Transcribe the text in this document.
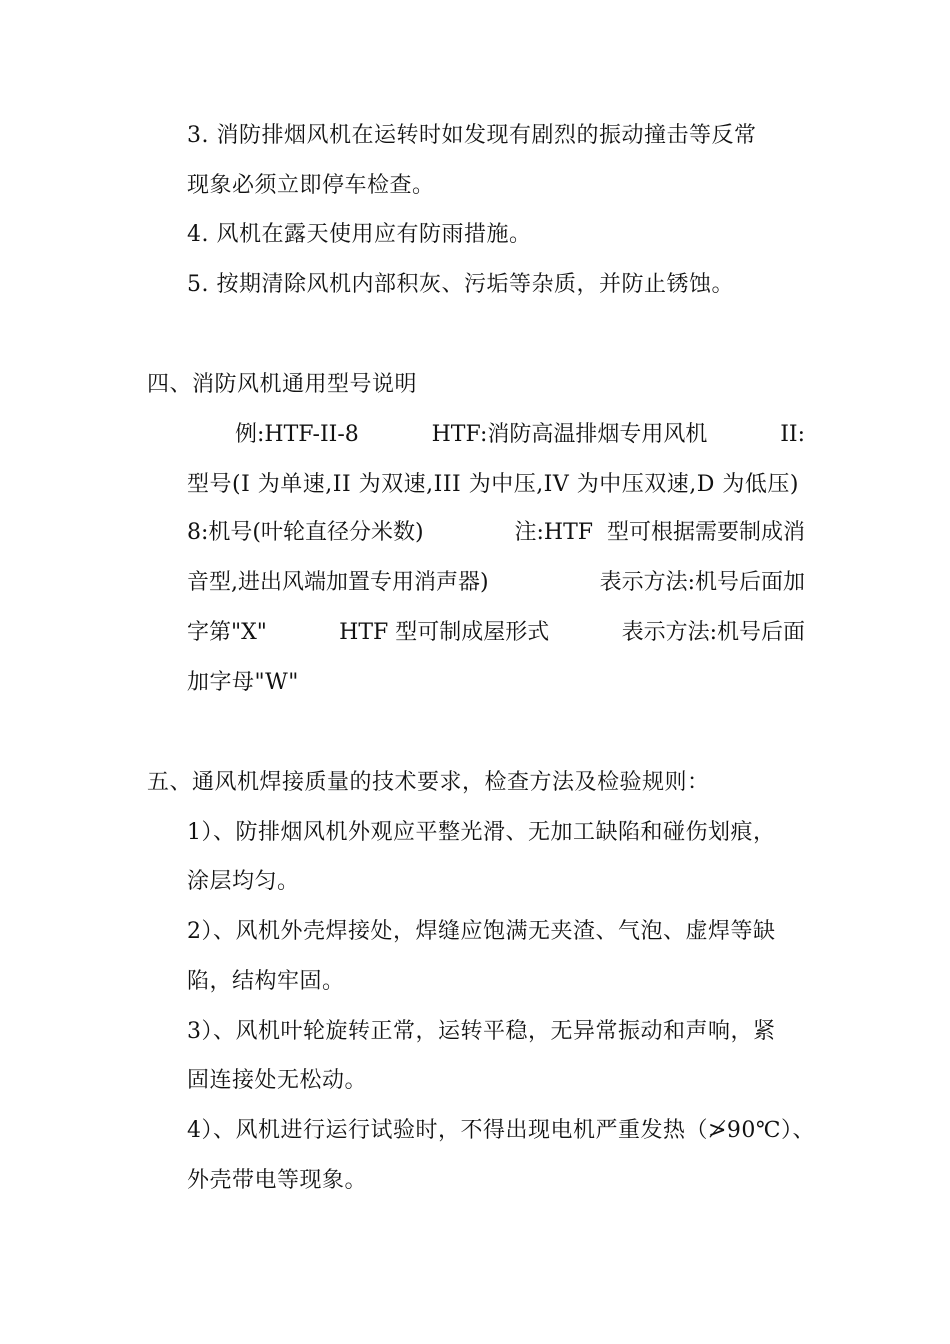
3. 消防排烟风机在运转时如发现有剧烈的振动撞击等反常
现象必须立即停车检查。
4. 风机在露天使用应有防雨措施。
5. 按期清除风机内部积灰、污垢等杂质，并防止锈蚀。
四、消防风机通用型号说明
例:HTF-II-8	HTF:消防高温排烟专用风机	II:
型号(I 为单速,II 为双速,III 为中压,IV 为中压双速,D 为低压)
8:机号(叶轮直径分米数)	注:HTF  型可根据需要制成消
音型,进出风端加置专用消声器)	表示方法:机号后面加
字第"X"	HTF 型可制成屋形式	表示方法:机号后面
加字母"W"
五、通风机焊接质量的技术要求，检查方法及检验规则：
1）、防排烟风机外观应平整光滑、无加工缺陷和碰伤划痕，
涂层均匀。
2）、风机外壳焊接处，焊缝应饱满无夹渣、气泡、虚焊等缺
陷，结构牢固。
3）、风机叶轮旋转正常，运转平稳，无异常振动和声响，紧
固连接处无松动。
4）、风机进行运行试验时，不得出现电机严重发热（≯90℃）、
外壳带电等现象。
